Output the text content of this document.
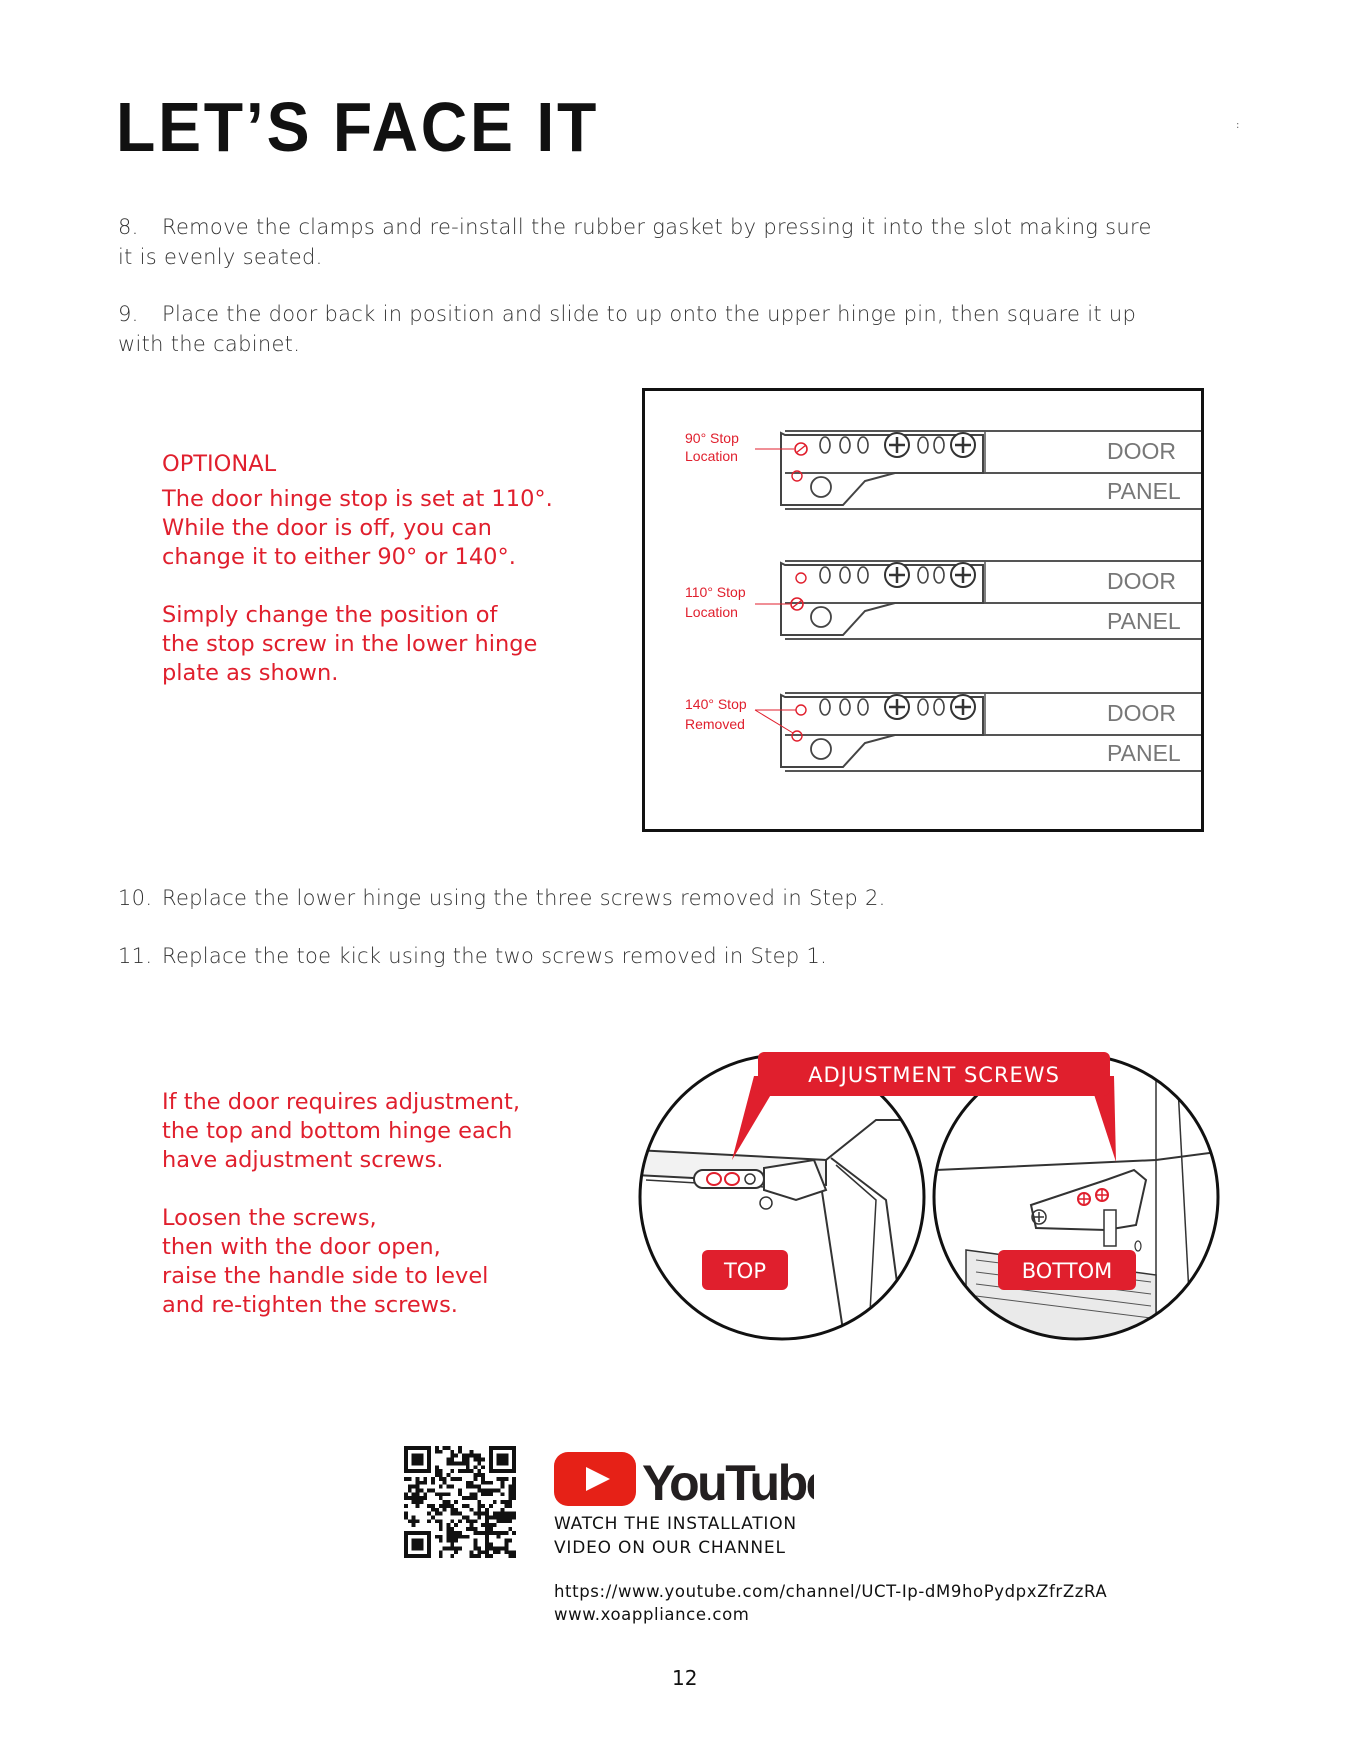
LET’S FACE IT	:
8. Remove the clamps and re-install the rubber gasket by pressing it into the slot making sure
it is evenly seated.
9. Place the door back in position and slide to up onto the upper hinge pin, then square it up
with the cabinet.

OPTIONAL

The door hinge stop is set at 110°.

While the door is off, you can

change it to either 90° or 140°.

Simply change the position of

the stop screw in the lower hinge

plate as shown.

90° Stop
Location
110° Stop
Location
140° Stop
Removed
DOOR
PANEL
DOOR
PANEL
DOOR
PANEL
10. Replace the lower hinge using the three screws removed in Step 2.
11. Replace the toe kick using the two screws removed in Step 1.

If the door requires adjustment,

the top and bottom hinge each

have adjustment screws.

Loosen the screws,

then with the door open,

raise the handle side to level

and re-tighten the screws.

ADJUSTMENT SCREWS
TOP	BOTTOM
YouTube
WATCH THE INSTALLATION
VIDEO ON OUR CHANNEL
https://www.youtube.com/channel/UCT-Ip-dM9hoPydpxZfrZzRA
www.xoappliance.com
12
